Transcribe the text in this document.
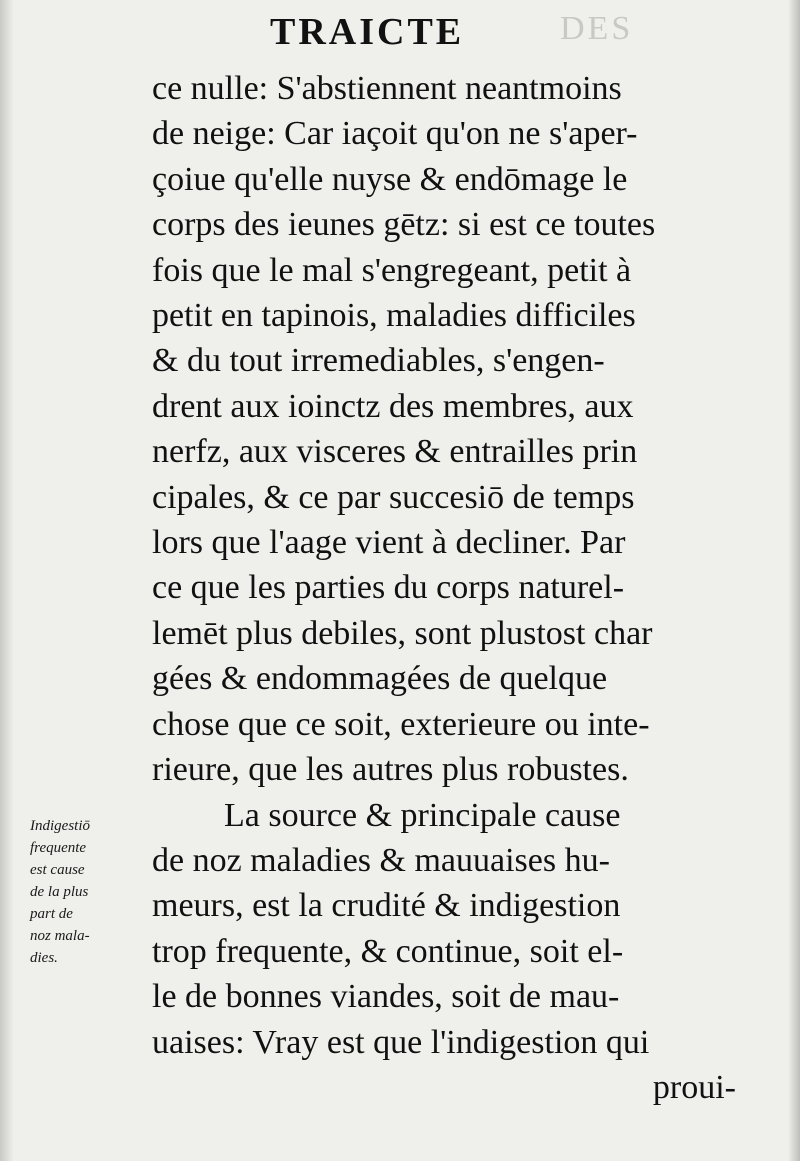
TRAICTE	DES
ce nulle: S'abstiennent neantmoins
de neige: Car iaçoit qu'on ne s'aper-
çoiue qu'elle nuyse & endōmage le
corps des ieunes gētz: si est ce toutes
fois que le mal s'engregeant, petit à
petit en tapinois, maladies difficiles
& du tout irremediables, s'engen-
drent aux ioinctz des membres, aux
nerfz, aux visceres & entrailles prin
cipales, & ce par succesiō de temps
lors que l'aage vient à decliner. Par
ce que les parties du corps naturel-
lemēt plus debiles, sont plustost char
gées & endommagées de quelque
chose que ce soit, exterieure ou inte-
rieure, que les autres plus robustes.
La source & principale cause
de noz maladies & mauuaises hu-
meurs, est la crudité & indigestion
trop frequente, & continue, soit el-
le de bonnes viandes, soit de mau-
uaises: Vray est que l'indigestion qui
proui-
Indigestiō
frequente
est cause
de la plus
part de
noz mala-
dies.
